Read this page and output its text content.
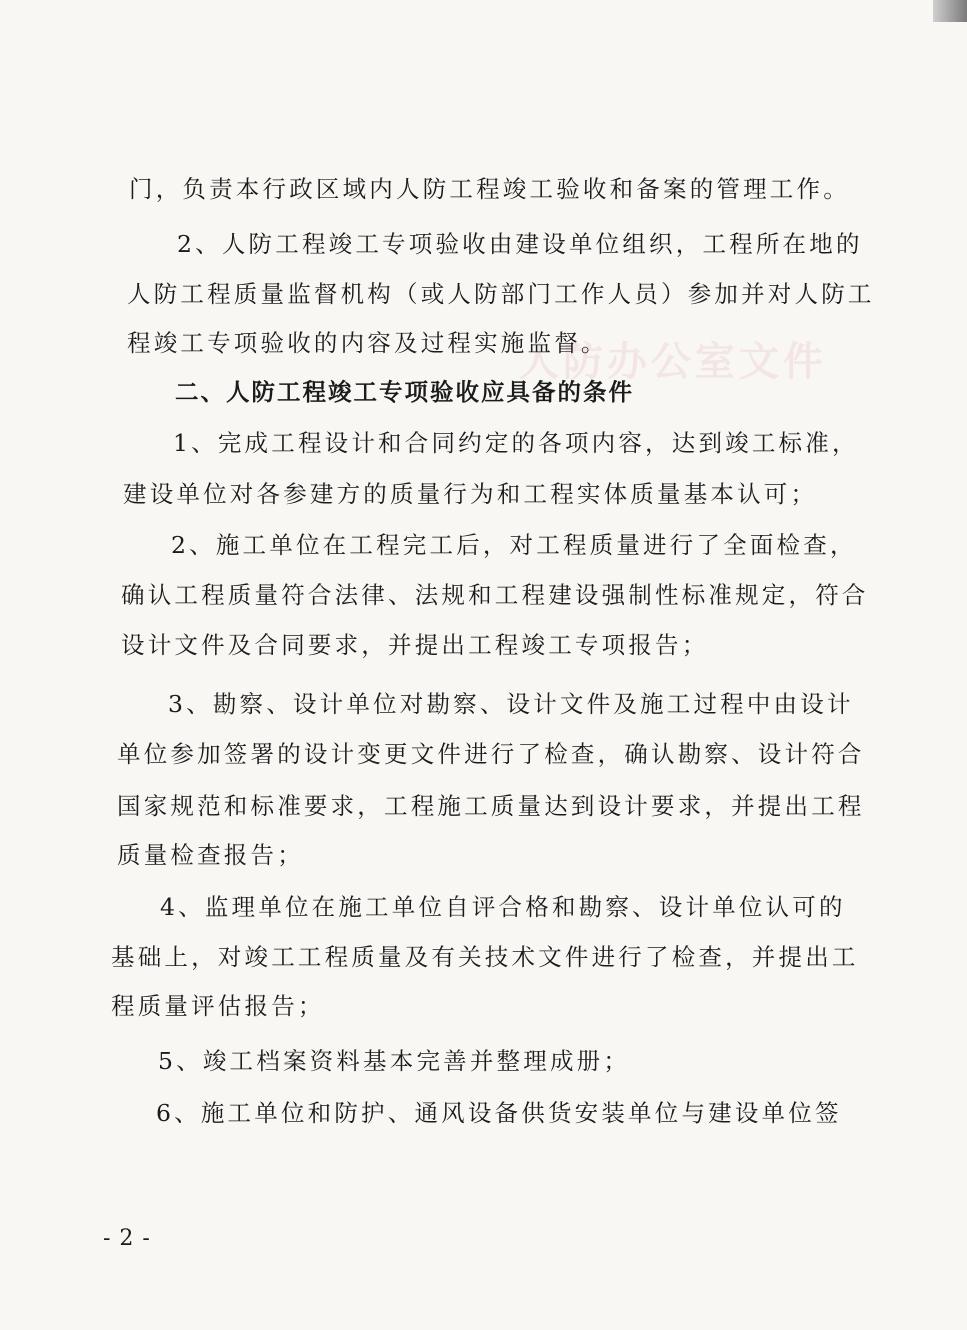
人防办公室文件
门，负责本行政区域内人防工程竣工验收和备案的管理工作。
2、人防工程竣工专项验收由建设单位组织，工程所在地的
人防工程质量监督机构（或人防部门工作人员）参加并对人防工
程竣工专项验收的内容及过程实施监督。
二、人防工程竣工专项验收应具备的条件
1、完成工程设计和合同约定的各项内容，达到竣工标准，
建设单位对各参建方的质量行为和工程实体质量基本认可；
2、施工单位在工程完工后，对工程质量进行了全面检查，
确认工程质量符合法律、法规和工程建设强制性标准规定，符合
设计文件及合同要求，并提出工程竣工专项报告；
3、勘察、设计单位对勘察、设计文件及施工过程中由设计
单位参加签署的设计变更文件进行了检查，确认勘察、设计符合
国家规范和标准要求，工程施工质量达到设计要求，并提出工程
质量检查报告；
4、监理单位在施工单位自评合格和勘察、设计单位认可的
基础上，对竣工工程质量及有关技术文件进行了检查，并提出工
程质量评估报告；
5、竣工档案资料基本完善并整理成册；
6、施工单位和防护、通风设备供货安装单位与建设单位签
- 2 -
